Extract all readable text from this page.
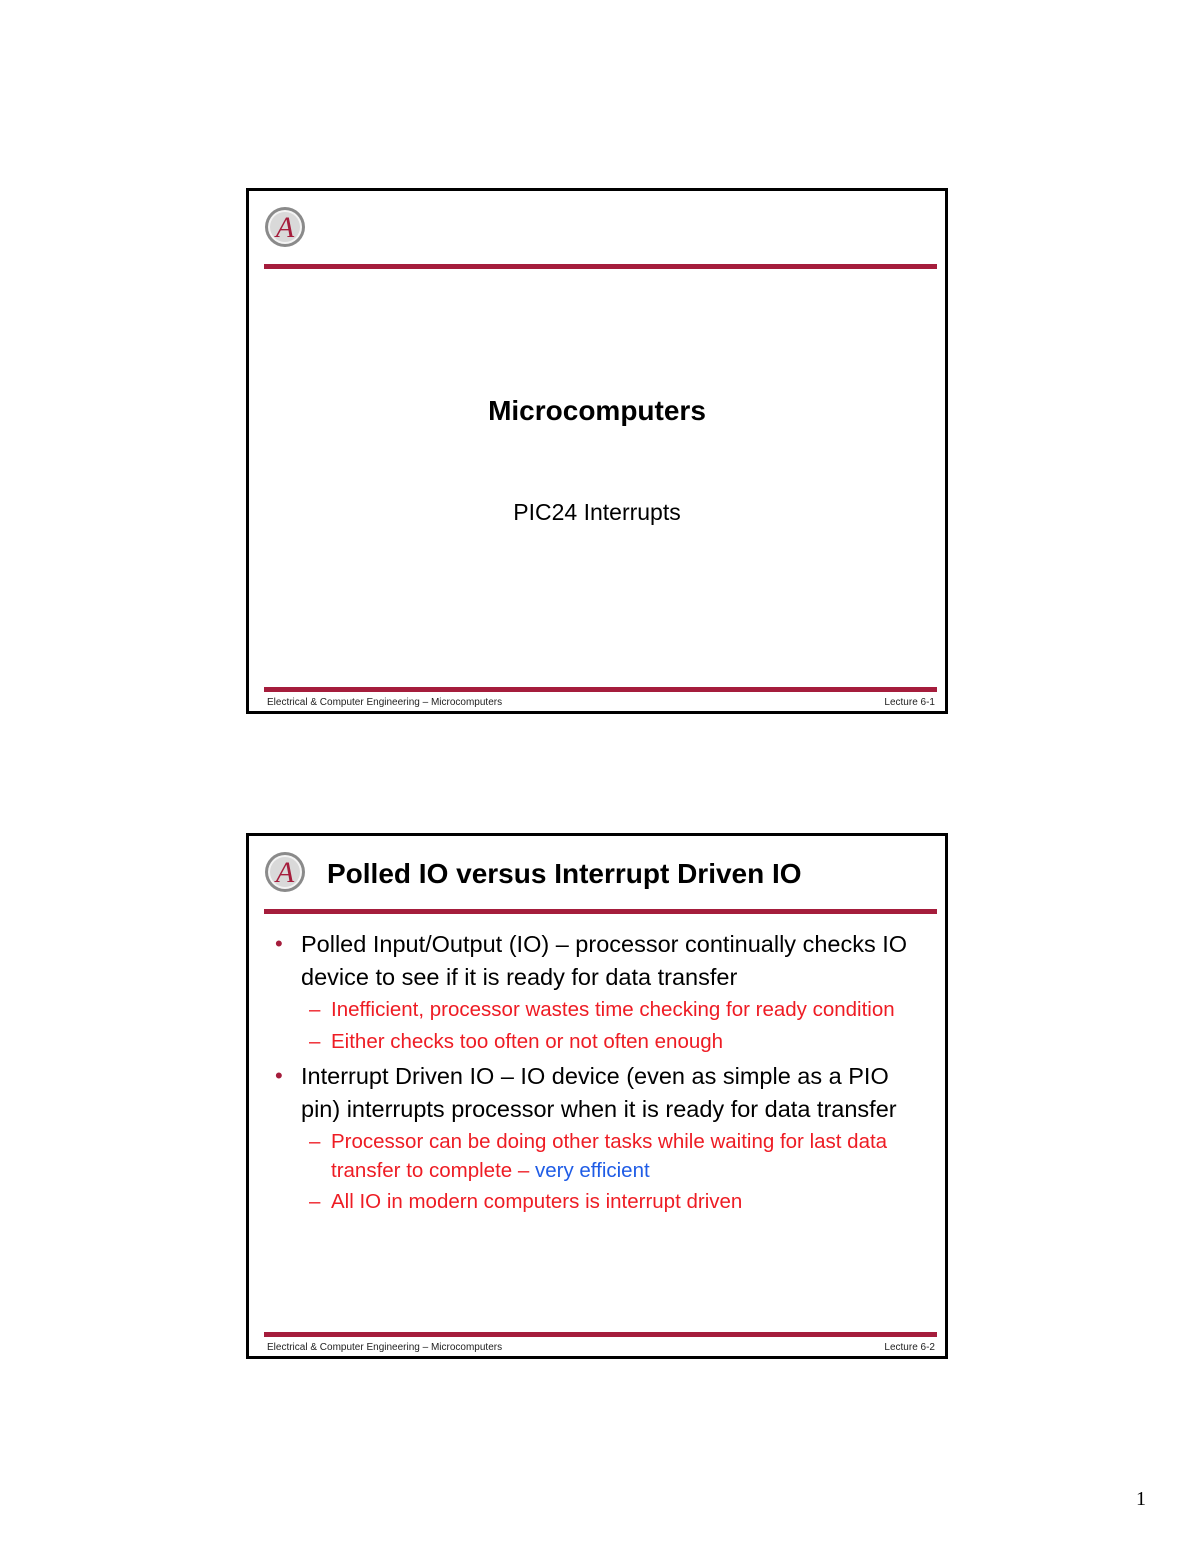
A
Microcomputers
PIC24 Interrupts
Electrical & Computer Engineering – Microcomputers	Lecture 6-1
A Polled IO versus Interrupt Driven IO
• Polled Input/Output (IO) – processor continually checks IO device to see if it is ready for data transfer
– Inefficient, processor wastes time checking for ready condition
– Either checks too often or not often enough
• Interrupt Driven IO – IO device (even as simple as a PIO pin) interrupts processor when it is ready for data transfer
– Processor can be doing other tasks while waiting for last data transfer to complete – very efficient
– All IO in modern computers is interrupt driven
Electrical & Computer Engineering – Microcomputers	Lecture 6-2
1
